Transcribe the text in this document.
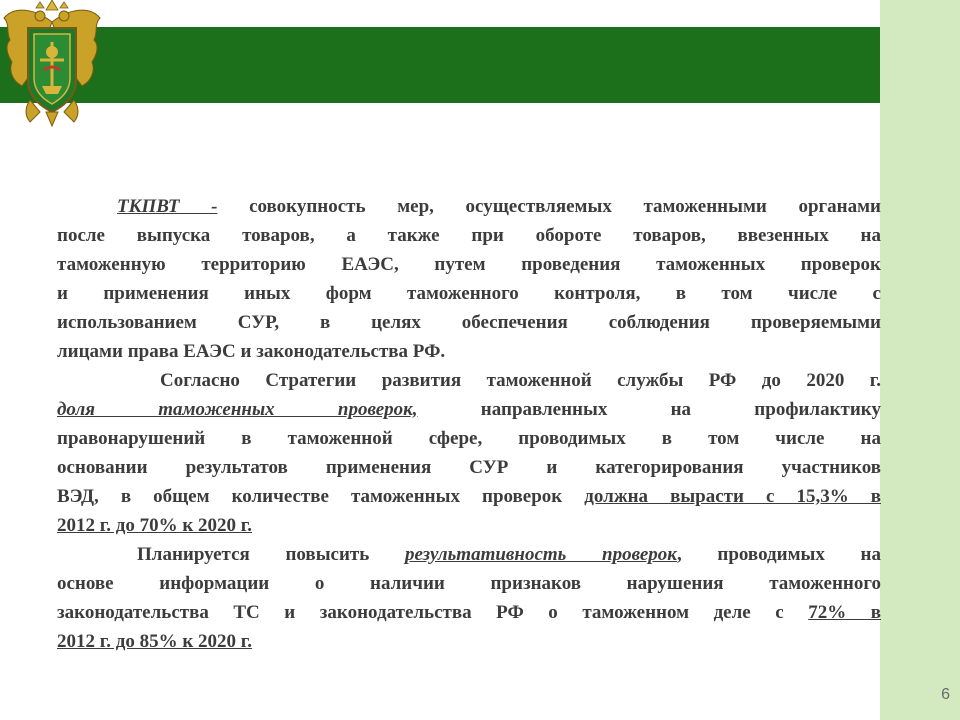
ТКПВТ - совокупность мер, осуществляемых таможенными органами

после выпуска товаров, а также при обороте товаров, ввезенных на

таможенную территорию ЕАЭС, путем проведения таможенных проверок

и применения иных форм таможенного контроля, в том числе с

использованием СУР, в целях обеспечения соблюдения проверяемыми

лицами права ЕАЭС и законодательства РФ.

Согласно Стратегии развития таможенной службы РФ до 2020 г.

доля таможенных проверок, направленных на профилактику

правонарушений в таможенной сфере, проводимых в том числе на

основании результатов применения СУР и категорирования участников

ВЭД, в общем количестве таможенных проверок должна вырасти с 15,3% в

2012 г. до 70% к 2020 г.

Планируется повысить результативность проверок, проводимых на

основе информации о наличии признаков нарушения таможенного

законодательства ТС и законодательства РФ о таможенном деле с 72% в

2012 г. до 85% к 2020 г.

6
